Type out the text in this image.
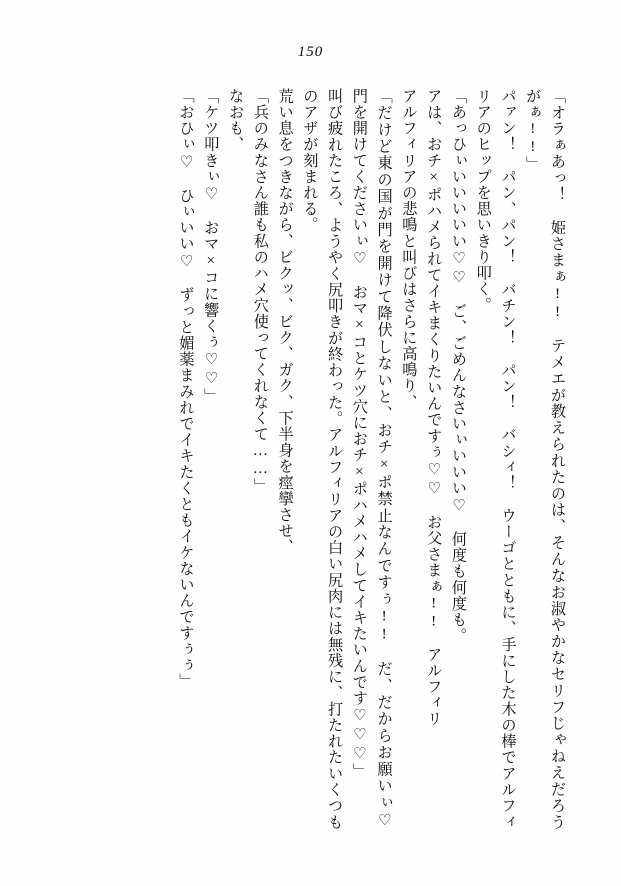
150

「オラぁあっ！　姫さまぁ!!　テメエが教えられたのは、そんなお淑やかなセリフじゃねえだろうがぁ!!」

パァン！　パン、パン！　バチン！　パン！　バシィ！　ウーゴとともに、手にした木の棒でアルフィリアのヒップを思いきり叩く。

「あっひぃいいいいい♡♡　ご、ごめんなさいぃいいい♡　何度も何度も。

アは、おチ×ポハメられてイキまくりたいんですぅ♡♡　お父さまぁ!!　アルフィリ

アルフィリアの悲鳴と叫びはさらに高鳴り、

「だけど東の国が門を開けて降伏しないと、おチ×ポ禁止なんですぅ!!　だ、だからお願いぃ♡　門を開けてくださいぃ♡　おマ×コとケツ穴におチ×ポハメハメしてイキたいんです♡♡♡」

叫び疲れたころ、ようやく尻叩きが終わった。アルフィリアの白い尻肉には無残に、打たれたいくつものアザが刻まれる。

荒い息をつきながら、ビクッ、ビク、ガク、下半身を痙攣させ、

「兵のみなさん誰も私のハメ穴使ってくれなくて……」

なおも、

「ケツ叩きぃ♡　おマ×コに響くぅ♡♡」

「おひぃ♡　ひぃいい♡　ずっと媚薬まみれでイキたくともイケないんですぅぅ」
